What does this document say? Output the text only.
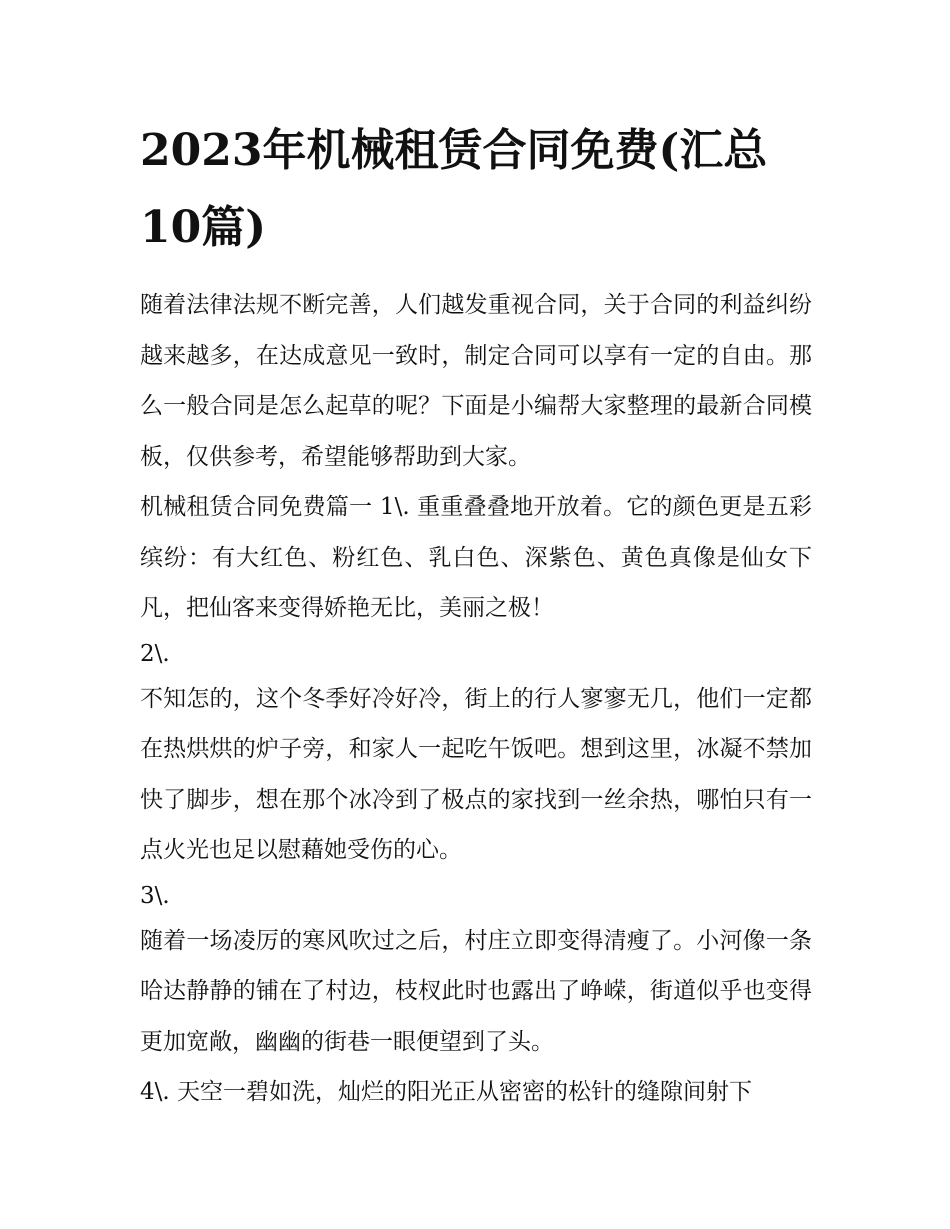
2023年机械租赁合同免费(汇总10篇)

随着法律法规不断完善，人们越发重视合同，关于合同的利益纠纷越来越多，在达成意见一致时，制定合同可以享有一定的自由。那么一般合同是怎么起草的呢？下面是小编帮大家整理的最新合同模板，仅供参考，希望能够帮助到大家。

机械租赁合同免费篇一 1\. 重重叠叠地开放着。它的颜色更是五彩缤纷：有大红色、粉红色、乳白色、深紫色、黄色真像是仙女下凡，把仙客来变得娇艳无比，美丽之极！

2\.

不知怎的，这个冬季好冷好冷，街上的行人寥寥无几，他们一定都在热烘烘的炉子旁，和家人一起吃午饭吧。想到这里，冰凝不禁加快了脚步，想在那个冰冷到了极点的家找到一丝余热，哪怕只有一点火光也足以慰藉她受伤的心。

3\.

随着一场凌厉的寒风吹过之后，村庄立即变得清瘦了。小河像一条哈达静静的铺在了村边，枝杈此时也露出了峥嵘，街道似乎也变得更加宽敞，幽幽的街巷一眼便望到了头。

4\. 天空一碧如洗，灿烂的阳光正从密密的松针的缝隙间射下
